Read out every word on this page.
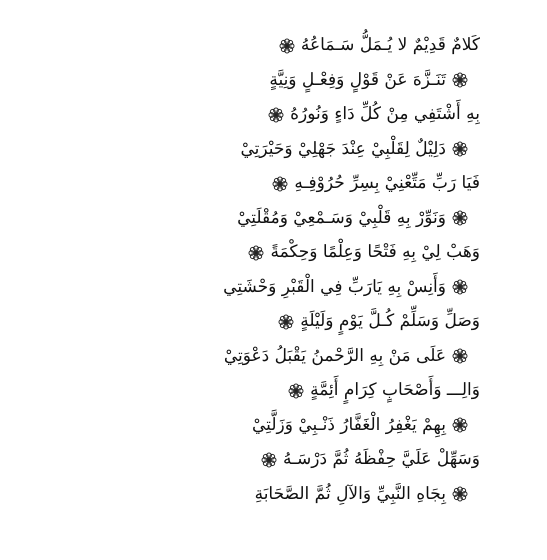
كَلامٌ قَدِيْمٌ لا يُـمَلُّ سَـمَاعُهُ
تَنَـزَّهَ عَنْ قَوْلٍ وَفِعْـلٍ وَنِيَّةٍ
بِهِ أَشْتَفِي مِنْ كُلِّ دَاءٍ وَنُورُهُ
دَلِيْلٌ لِقَلْبِيْ عِنْدَ جَهْلِيْ وَحَيْرَتِيْ
فَيَا رَبِّ مَتِّعْنِيْ بِسِرِّ حُرُوْفِـهِ
وَنَوِّرْ بِهِ قَلْبِيْ وَسَـمْعِيْ وَمُقْلَتِيْ
وَهَبْ لِيْ بِهِ فَتْحًا وَعِلْمًا وَحِكْمَةً
وَأَنِسْ بِهِ يَارَبِّ فِي الْقَبْرِ وَحْشَتِي
وَصَلِّ وَسَلِّمْ كُـلَّ يَوْمٍ وَلَيْلَةٍ
عَلَى مَنْ بِهِ الرَّحْمنُ يَقْبَلُ دَعْوَتِيْ
وَالِـــ وَأَصْحَابٍ كِرَامٍ أَئِمَّةٍ
بِهِمْ يَغْفِرُ الْغَفَّارُ ذَنْـبِيْ وَزَلَّتِيْ
وَسَهِّلْ عَلَيَّ حِفْظَهُ ثُمَّ دَرْسَـهُ
بِجَاهِ النَّبِيِّ وَالآلِ ثُمَّ الصَّحَابَةِ
